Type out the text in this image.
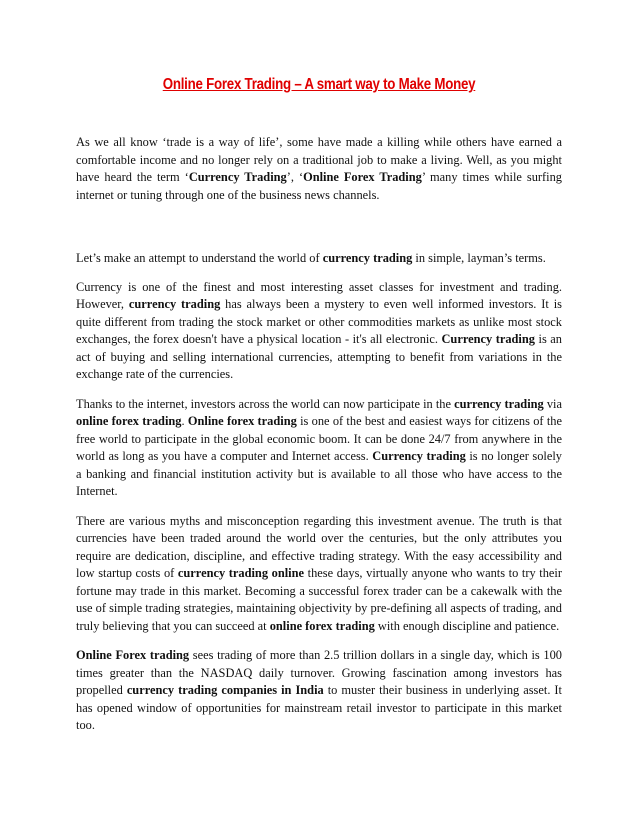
Online Forex Trading – A smart way to Make Money

As we all know ‘trade is a way of life’, some have made a killing while others have earned a comfortable income and no longer rely on a traditional job to make a living. Well, as you might have heard the term ‘Currency Trading’, ‘Online Forex Trading’ many times while surfing internet or tuning through one of the business news channels.

Let’s make an attempt to understand the world of currency trading in simple, layman’s terms.

Currency is one of the finest and most interesting asset classes for investment and trading. However, currency trading has always been a mystery to even well informed investors. It is quite different from trading the stock market or other commodities markets as unlike most stock exchanges, the forex doesn't have a physical location - it's all electronic. Currency trading is an act of buying and selling international currencies, attempting to benefit from variations in the exchange rate of the currencies.

Thanks to the internet, investors across the world can now participate in the currency trading via online forex trading. Online forex trading is one of the best and easiest ways for citizens of the free world to participate in the global economic boom. It can be done 24/7 from anywhere in the world as long as you have a computer and Internet access. Currency trading is no longer solely a banking and financial institution activity but is available to all those who have access to the Internet.

There are various myths and misconception regarding this investment avenue. The truth is that currencies have been traded around the world over the centuries, but the only attributes you require are dedication, discipline, and effective trading strategy. With the easy accessibility and low startup costs of currency trading online these days, virtually anyone who wants to try their fortune may trade in this market. Becoming a successful forex trader can be a cakewalk with the use of simple trading strategies, maintaining objectivity by pre-defining all aspects of trading, and truly believing that you can succeed at online forex trading with enough discipline and patience.

Online Forex trading sees trading of more than 2.5 trillion dollars in a single day, which is 100 times greater than the NASDAQ daily turnover. Growing fascination among investors has propelled currency trading companies in India to muster their business in underlying asset. It has opened window of opportunities for mainstream retail investor to participate in this market too.
